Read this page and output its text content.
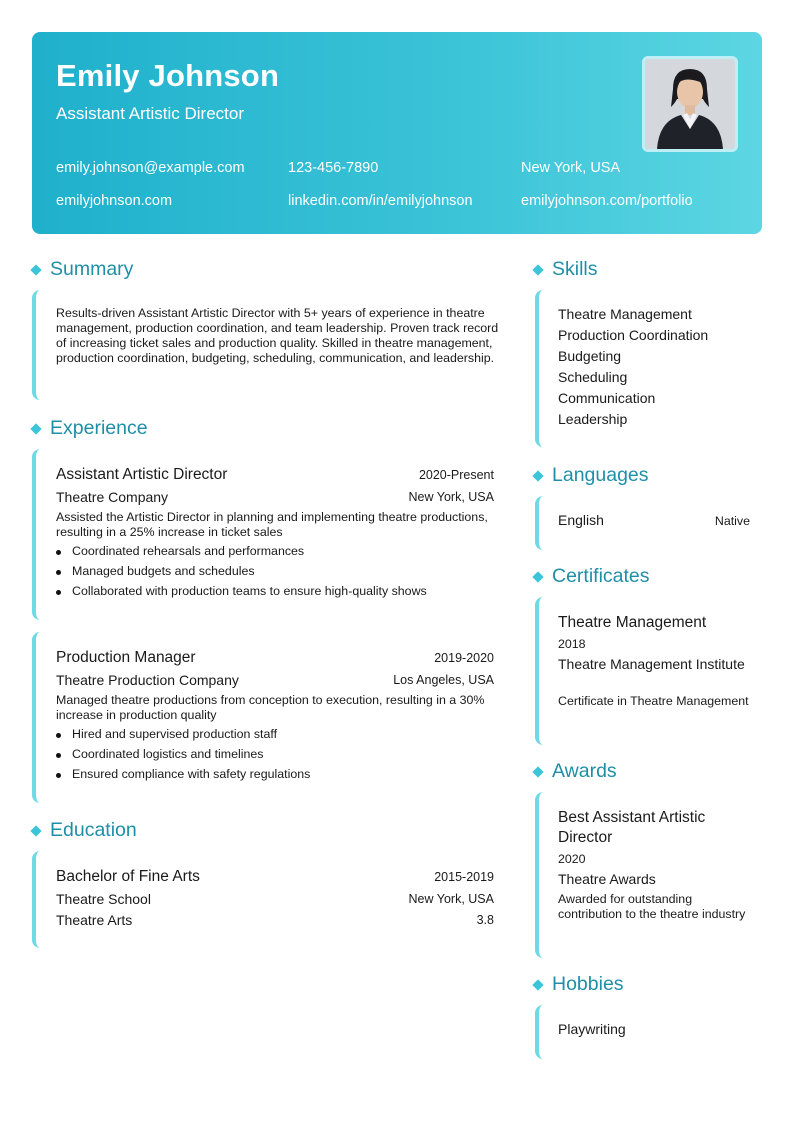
Emily Johnson
Assistant Artistic Director
emily.johnson@example.com	123-456-7890	New York, USA
emilyjohnson.com	linkedin.com/in/emilyjohnson	emilyjohnson.com/portfolio
Summary
Results-driven Assistant Artistic Director with 5+ years of experience in theatre management, production coordination, and team leadership. Proven track record of increasing ticket sales and production quality. Skilled in theatre management, production coordination, budgeting, scheduling, communication, and leadership.
Experience
Assistant Artistic Director	2020-Present
Theatre Company	New York, USA
Assisted the Artistic Director in planning and implementing theatre productions, resulting in a 25% increase in ticket sales
Coordinated rehearsals and performances
Managed budgets and schedules
Collaborated with production teams to ensure high-quality shows
Production Manager	2019-2020
Theatre Production Company	Los Angeles, USA
Managed theatre productions from conception to execution, resulting in a 30% increase in production quality
Hired and supervised production staff
Coordinated logistics and timelines
Ensured compliance with safety regulations
Education
Bachelor of Fine Arts	2015-2019
Theatre School	New York, USA
Theatre Arts	3.8
Skills
Theatre Management
Production Coordination
Budgeting
Scheduling
Communication
Leadership
Languages
English	Native
Certificates
Theatre Management
2018
Theatre Management Institute
Certificate in Theatre Management
Awards
Best Assistant Artistic Director
2020
Theatre Awards
Awarded for outstanding contribution to the theatre industry
Hobbies
Playwriting
